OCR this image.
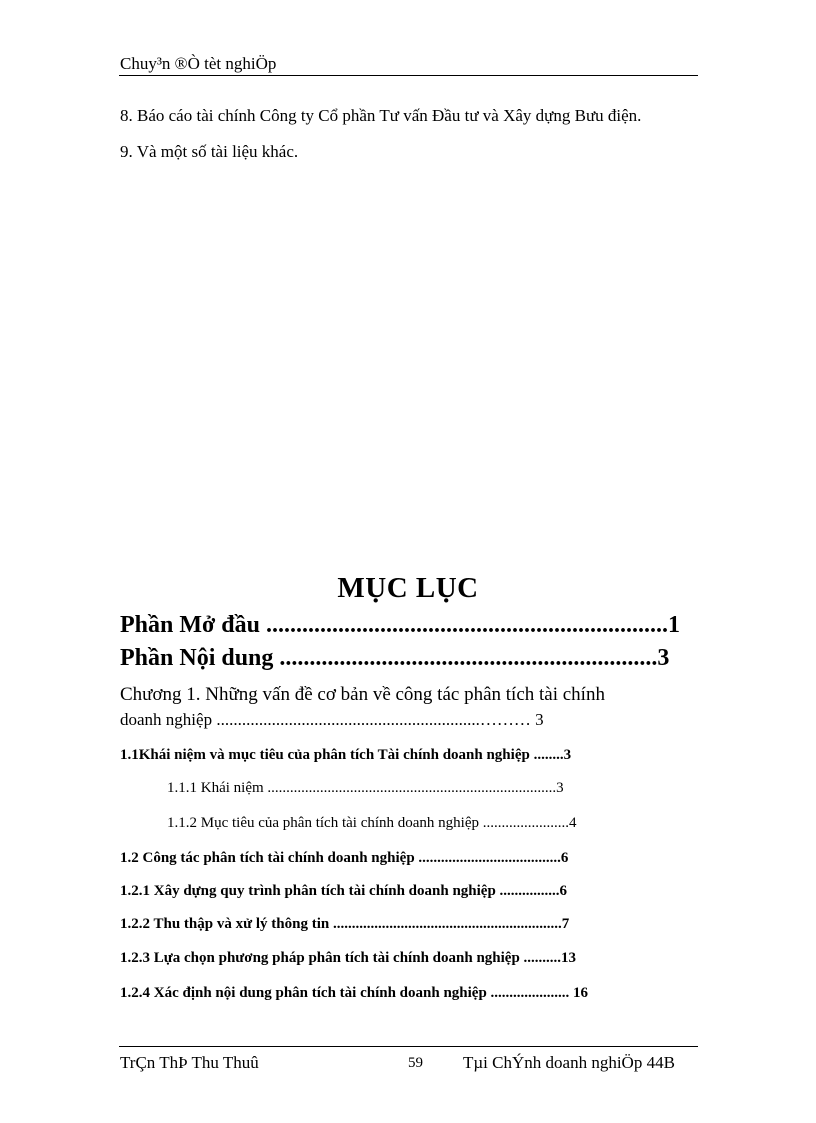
Chuy³n ®Ò tèt nghiÖp
8. Báo cáo tài chính Công ty Cổ phần Tư vấn Đầu tư và Xây dựng Bưu điện.
9. Và một số tài liệu khác.
MỤC LỤC
Phần Mở đầu ...................................................................1
Phần Nội dung ...............................................................3
Chương 1. Những vấn đề cơ bản về công tác phân tích tài chính
doanh nghiệp ..............................................................……… 3
1.1Khái niệm và mục tiêu của phân tích Tài chính doanh nghiệp ........3
1.1.1 Khái niệm .............................................................................3
1.1.2 Mục tiêu của phân tích tài chính doanh nghiệp .......................4
1.2 Công tác phân tích tài chính doanh nghiệp ......................................6
1.2.1 Xây dựng quy trình phân tích tài chính doanh nghiệp ................6
1.2.2 Thu thập và xử lý thông tin .............................................................7
1.2.3 Lựa chọn phương pháp phân tích tài chính doanh nghiệp ..........13
1.2.4 Xác định nội dung phân tích tài chính doanh nghiệp ..................... 16
TrÇn ThÞ Thu Thuû	59 Tµi ChÝnh doanh nghiÖp 44B
